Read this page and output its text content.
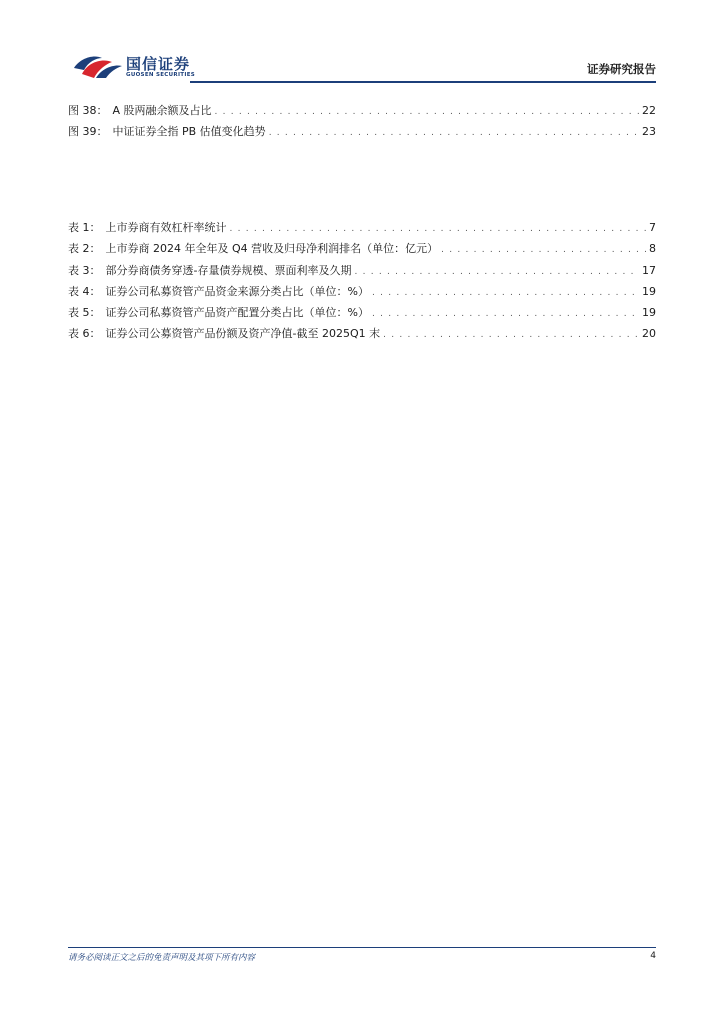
国信证券
GUOSEN SECURITIES	证券研究报告
图 38： A 股两融余额及占比 . . .	22
图 39： 中证证券全指 PB 估值变化趋势 . . .	23
表 1： 上市券商有效杠杆率统计 . . .	7
表 2： 上市券商 2024 年全年及 Q4 营收及归母净利润排名（单位：亿元） . . .	8
表 3： 部分券商债务穿透-存量债券规模、票面利率及久期 . . .	17
表 4： 证券公司私募资管产品资金来源分类占比（单位：%） . . .	19
表 5： 证券公司私募资管产品资产配置分类占比（单位：%） . . .	19
表 6： 证券公司公募资管产品份额及资产净值-截至 2025Q1 末 . . .	20
请务必阅读正文之后的免责声明及其项下所有内容	4
